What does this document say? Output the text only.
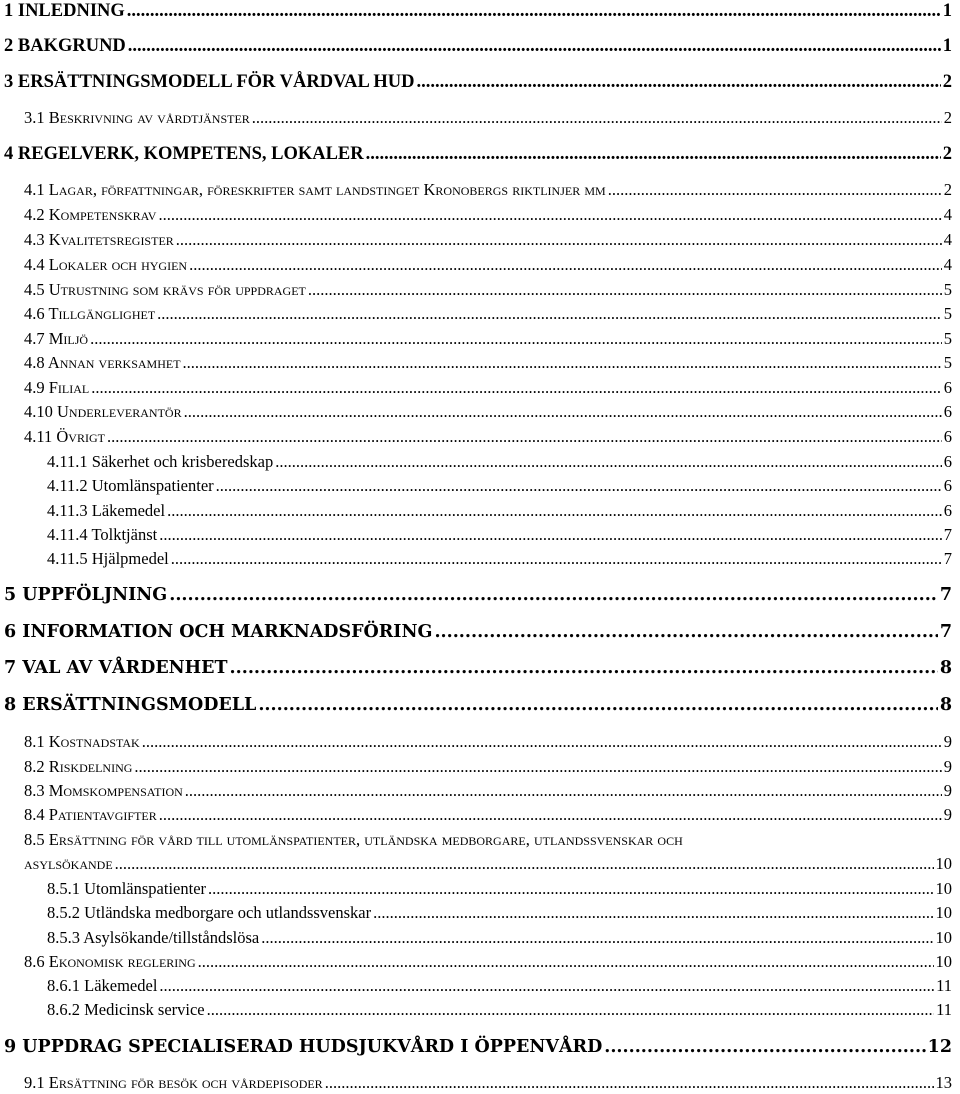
1 INLEDNING .....	1
2 BAKGRUND .....	1
3 ERSÄTTNINGSMODELL FÖR VÅRDVAL HUD .....	2
3.1 Beskrivning av vårdtjänster .....	2
4 REGELVERK, KOMPETENS, LOKALER .....	2
4.1 Lagar, författningar, föreskrifter samt landstinget Kronobergs riktlinjer mm .....	2
4.2 Kompetenskrav .....	4
4.3 Kvalitetsregister .....	4
4.4 Lokaler och hygien .....	4
4.5 Utrustning som krävs för uppdraget .....	5
4.6 Tillgänglighet .....	5
4.7 Miljö .....	5
4.8 Annan verksamhet .....	5
4.9 Filial .....	6
4.10 Underleverantör .....	6
4.11 Övrigt .....	6
4.11.1 Säkerhet och krisberedskap .....	6
4.11.2 Utomlänspatienter .....	6
4.11.3 Läkemedel .....	6
4.11.4 Tolktjänst .....	7
4.11.5 Hjälpmedel .....	7
5 UPPFÖLJNING .....	7
6 INFORMATION OCH MARKNADSFÖRING .....	7
7 VAL AV VÅRDENHET .....	8
8 ERSÄTTNINGSMODELL .....	8
8.1 Kostnadstak .....	9
8.2 Riskdelning .....	9
8.3 Momskompensation .....	9
8.4 Patientavgifter .....	9
8.5 Ersättning för vård till utomlänspatienter, utländska medborgare, utlandssvenskar och
asylsökande .....	10
8.5.1 Utomlänspatienter .....	10
8.5.2 Utländska medborgare och utlandssvenskar .....	10
8.5.3 Asylsökande/tillståndslösa .....	10
8.6 Ekonomisk reglering .....	10
8.6.1 Läkemedel .....	11
8.6.2 Medicinsk service .....	11
9 UPPDRAG SPECIALISERAD HUDSJUKVÅRD I ÖPPENVÅRD .....	12
9.1 Ersättning för besök och vårdepisoder .....	13
